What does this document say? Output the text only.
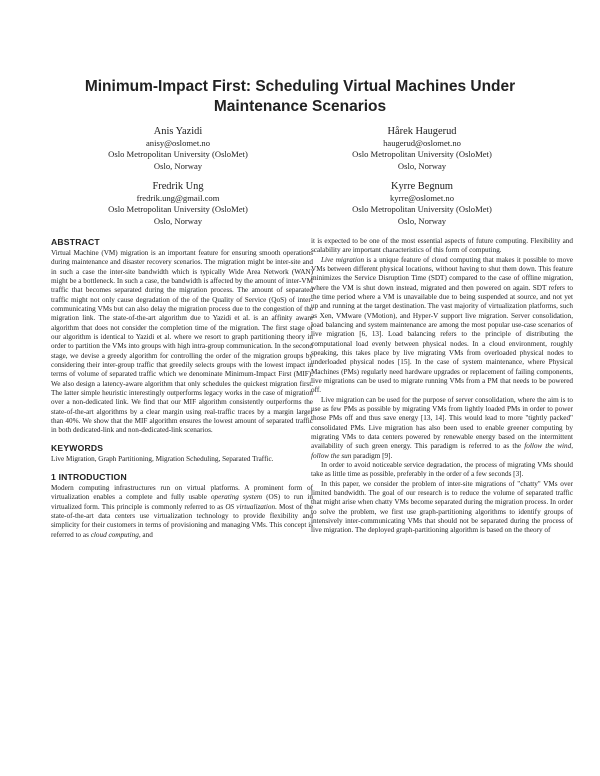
Minimum-Impact First: Scheduling Virtual Machines Under Maintenance Scenarios
Anis Yazidi
anisy@oslomet.no
Oslo Metropolitan University (OsloMet)
Oslo, Norway
Hårek Haugerud
haugerud@oslomet.no
Oslo Metropolitan University (OsloMet)
Oslo, Norway
Fredrik Ung
fredrik.ung@gmail.com
Oslo Metropolitan University (OsloMet)
Oslo, Norway
Kyrre Begnum
kyrre@oslomet.no
Oslo Metropolitan University (OsloMet)
Oslo, Norway
ABSTRACT

Virtual Machine (VM) migration is an important feature for ensuring smooth operations during maintenance and disaster recovery scenarios. The migration might be inter-site and in such a case the inter-site bandwidth which is typically Wide Area Network (WAN) might be a bottleneck. In such a case, the bandwidth is affected by the amount of inter-VM traffic that becomes separated during the migration process. The amount of separated traffic might not only cause degradation of the of the Quality of Service (QoS) of inter-communicating VMs but can also delay the migration process due to the congestion of the migration link. The state-of-the-art algorithm due to Yazidi et al. is an affinity aware algorithm that does not consider the completion time of the migration. The first stage of our algorithm is identical to Yazidi et al. where we resort to graph partitioning theory in order to partition the VMs into groups with high intra-group communication. In the second stage, we devise a greedy algorithm for controlling the order of the migration groups by considering their inter-group traffic that greedily selects groups with the lowest impact in terms of volume of separated traffic which we denominate Minimum-Impact First (MIF). We also design a latency-aware algorithm that only schedules the quickest migration first. The latter simple heuristic interestingly outperforms legacy works in the case of migration over a non-dedicated link. We find that our MIF algorithm consistently outperforms the state-of-the-art algorithms by a clear margin using real-traffic traces by a margin larger than 40%. We show that the MIF algorithm ensures the lowest amount of separated traffic in both dedicated-link and non-dedicated-link scenarios.

KEYWORDS

Live Migration, Graph Partitioning, Migration Scheduling, Separated Traffic.

1 INTRODUCTION

Modern computing infrastructures run on virtual platforms. A prominent form of virtualization enables a complete and fully usable operating system (OS) to run in virtualized form. This principle is commonly referred to as OS virtualization. Most of the state-of-the-art data centers use virtualization technology to provide flexibility and simplicity for their customers in terms of provisioning and managing VMs. This concept is referred to as cloud computing, and

it is expected to be one of the most essential aspects of future computing. Flexibility and scalability are important characteristics of this form of computing.

Live migration is a unique feature of cloud computing that makes it possible to move VMs between different physical locations, without having to shut them down. This feature minimizes the Service Disruption Time (SDT) compared to the case of offline migration, where the VM is shut down instead, migrated and then powered on again. SDT refers to the time period where a VM is unavailable due to being suspended at source, and not yet up and running at the target destination. The vast majority of virtualization platforms, such as Xen, VMware (VMotion), and Hyper-V support live migration. Server consolidation, load balancing and system maintenance are among the most popular use-case scenarios of live migration [6, 13]. Load balancing refers to the principle of distributing the computational load evenly between physical nodes. In a cloud environment, roughly speaking, this takes place by live migrating VMs from overloaded physical nodes to underloaded physical nodes [15]. In the case of system maintenance, where Physical Machines (PMs) regularly need hardware upgrades or replacement of failing components, live migrations can be used to migrate running VMs from a PM that needs to be powered off.

Live migration can be used for the purpose of server consolidation, where the aim is to use as few PMs as possible by migrating VMs from lightly loaded PMs in order to power those PMs off and thus save energy [13, 14]. This would lead to more "tightly packed" consolidated PMs. Live migration has also been used to enable greener computing by migrating VMs to data centers powered by renewable energy based on the intermittent availability of such green energy. This paradigm is referred to as the follow the wind, follow the sun paradigm [9].

In order to avoid noticeable service degradation, the process of migrating VMs should take as little time as possible, preferably in the order of a few seconds [3].

In this paper, we consider the problem of inter-site migrations of "chatty" VMs over limited bandwidth. The goal of our research is to reduce the volume of separated traffic that might arise when chatty VMs become separated during the migration process. In order to solve the problem, we first use graph-partitioning algorithms to identify groups of intensively inter-communicating VMs that should not be separated during the process of live migration. The deployed graph-partitioning algorithm is based on the theory of
